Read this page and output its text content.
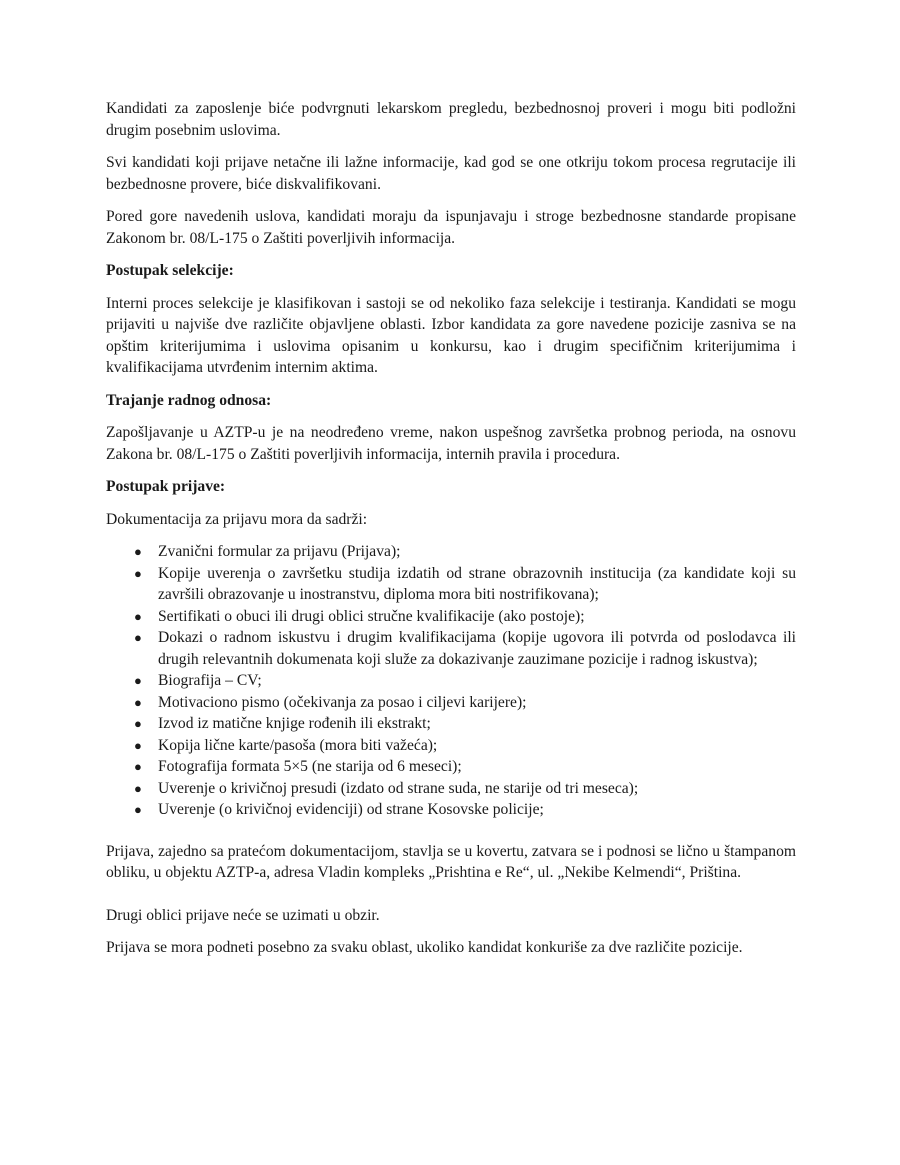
Kandidati za zaposlenje biće podvrgnuti lekarskom pregledu, bezbednosnoj proveri i mogu biti podložni drugim posebnim uslovima.

Svi kandidati koji prijave netačne ili lažne informacije, kad god se one otkriju tokom procesa regrutacije ili bezbednosne provere, biće diskvalifikovani.

Pored gore navedenih uslova, kandidati moraju da ispunjavaju i stroge bezbednosne standarde propisane Zakonom br. 08/L-175 o Zaštiti poverljivih informacija.

Postupak selekcije:

Interni proces selekcije je klasifikovan i sastoji se od nekoliko faza selekcije i testiranja. Kandidati se mogu prijaviti u najviše dve različite objavljene oblasti. Izbor kandidata za gore navedene pozicije zasniva se na opštim kriterijumima i uslovima opisanim u konkursu, kao i drugim specifičnim kriterijumima i kvalifikacijama utvrđenim internim aktima.

Trajanje radnog odnosa:

Zapošljavanje u AZTP-u je na neodređeno vreme, nakon uspešnog završetka probnog perioda, na osnovu Zakona br. 08/L-175 o Zaštiti poverljivih informacija, internih pravila i procedura.

Postupak prijave:

Dokumentacija za prijavu mora da sadrži:

● Zvanični formular za prijavu (Prijava);
● Kopije uverenja o završetku studija izdatih od strane obrazovnih institucija (za kandidate koji su završili obrazovanje u inostranstvu, diploma mora biti nostrifikovana);
● Sertifikati o obuci ili drugi oblici stručne kvalifikacije (ako postoje);
● Dokazi o radnom iskustvu i drugim kvalifikacijama (kopije ugovora ili potvrda od poslodavca ili drugih relevantnih dokumenata koji služe za dokazivanje zauzimane pozicije i radnog iskustva);
● Biografija – CV;
● Motivaciono pismo (očekivanja za posao i ciljevi karijere);
● Izvod iz matične knjige rođenih ili ekstrakt;
● Kopija lične karte/pasoša (mora biti važeća);
● Fotografija formata 5×5 (ne starija od 6 meseci);
● Uverenje o krivičnoj presudi (izdato od strane suda, ne starije od tri meseca);
● Uverenje (o krivičnoj evidenciji) od strane Kosovske policije;

Prijava, zajedno sa pratećom dokumentacijom, stavlja se u kovertu, zatvara se i podnosi se lično u štampanom obliku, u objektu AZTP-a, adresa Vladin kompleks „Prishtina e Re“, ul. „Nekibe Kelmendi“, Priština.

Drugi oblici prijave neće se uzimati u obzir.

Prijava se mora podneti posebno za svaku oblast, ukoliko kandidat konkuriše za dve različite pozicije.
